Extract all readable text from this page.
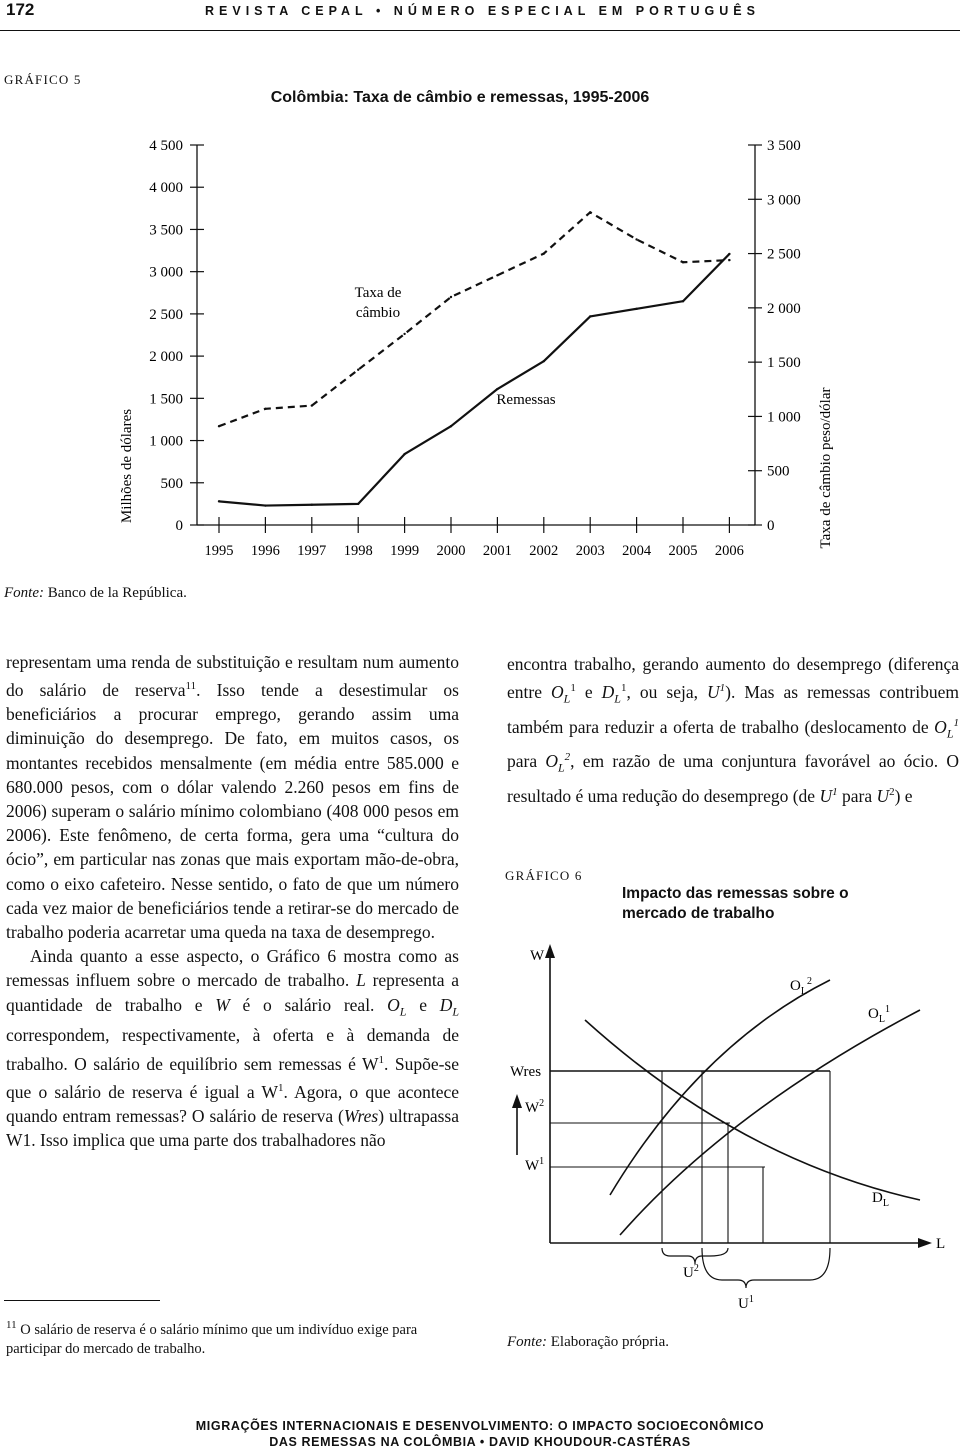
172	REVISTA CEPAL • NÚMERO ESPECIAL EM PORTUGUÊS
GRÁFICO 5
Colômbia: Taxa de câmbio e remessas, 1995-2006
0
500
1 000
1 500
2 000
2 500
3 000
3 500
4 000
4 500
0
500
1 000
1 500
2 000
2 500
3 000
3 500
1995 1996 1997 1998 1999 2000 2001 2002 2003 2004 2005 2006
Milhões de dólares	Taxa de câmbio peso/dólar
Taxa de
câmbio
Remessas
Fonte: Banco de la República.

representam uma renda de substituição e resultam num aumento do salário de reserva$^{11}$. Isso tende a desestimular os beneficiários a procurar emprego, gerando assim uma diminuição do desemprego. De fato, em muitos casos, os montantes recebidos mensalmente (em média entre 585.000 e 680.000 pesos, com o dólar valendo 2.260 pesos em fins de 2006) superam o salário mínimo colombiano (408 000 pesos em 2006). Este fenômeno, de certa forma, gera uma “cultura do ócio”, em particular nas zonas que mais exportam mão-de-obra, como o eixo cafeteiro. Nesse sentido, o fato de que um número cada vez maior de beneficiários tende a retirar-se do mercado de trabalho poderia acarretar uma queda na taxa de desemprego.

Ainda quanto a esse aspecto, o Gráfico 6 mostra como as remessas influem sobre o mercado de trabalho. L representa a quantidade de trabalho e W é o salário real. $O_L$ e $D_L$ correspondem, respectivamente, à oferta e à demanda de trabalho. O salário de equilíbrio sem remessas é $W^1$. Supõe-se que o salário de reserva é igual a $W^1$. Agora, o que acontece quando entram remessas? O salário de reserva (Wres) ultrapassa W1. Isso implica que uma parte dos trabalhadores não

encontra trabalho, gerando aumento do desemprego (diferença entre $O_L^1$ e $D_L^1$, ou seja, $U^1$). Mas as remessas contribuem também para reduzir a oferta de trabalho (deslocamento de $O_L^1$ para $O_L^2$, em razão de uma conjuntura favorável ao ócio. O resultado é uma redução do desemprego (de $U^1$ para $U^2$) e

GRÁFICO 6
Impacto das remessas sobre o mercado de trabalho
W
L
Wres
$W^2$
$W^1$
$O_L^2$
$O_L^1$
$D_L$
$U^2$
$U^1$
Fonte: Elaboração própria.
$^{11}$ O salário de reserva é o salário mínimo que um indivíduo exige para participar do mercado de trabalho.
MIGRAÇÕES INTERNACIONAIS E DESENVOLVIMENTO: O IMPACTO SOCIOECONÔMICO
DAS REMESSAS NA COLÔMBIA • DAVID KHOUDOUR-CASTÉRAS
